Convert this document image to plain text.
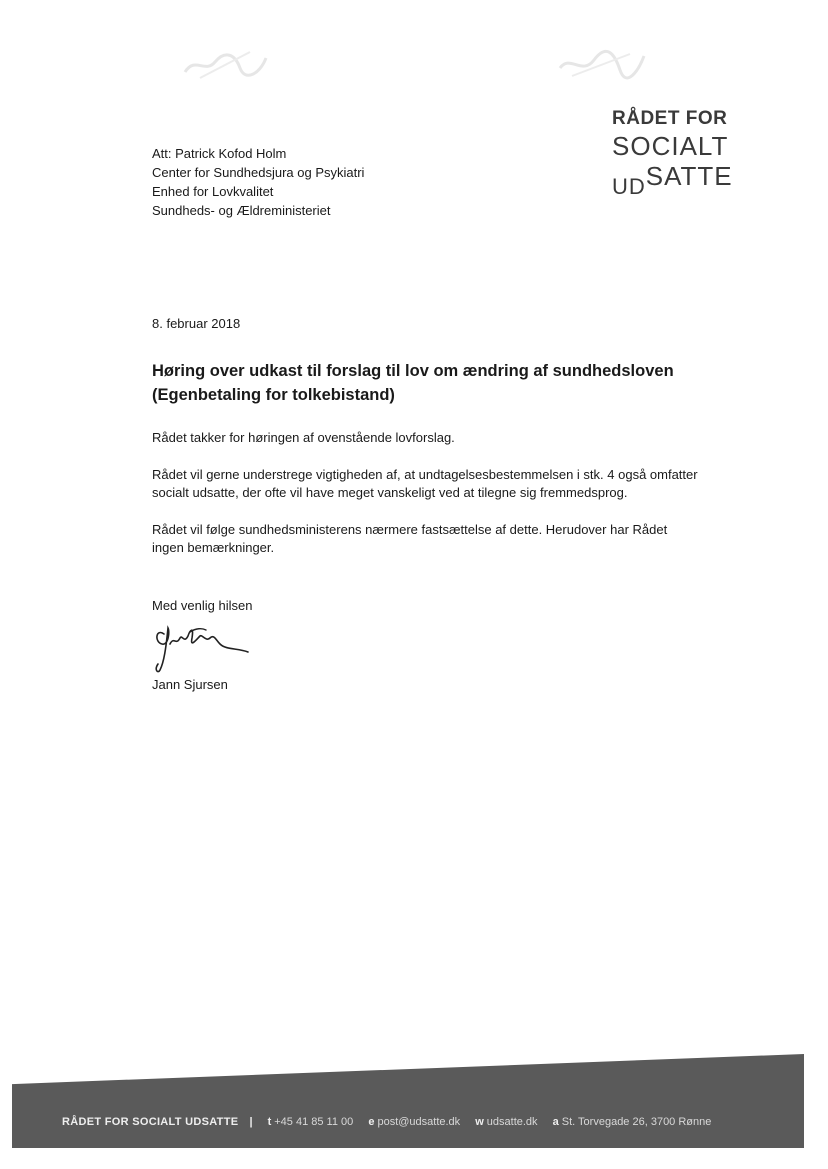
RÅDET FOR
SOCIALT
UDSATTE
Att: Patrick Kofod Holm
Center for Sundhedsjura og Psykiatri
Enhed for Lovkvalitet
Sundheds- og Ældreministeriet
8. februar 2018
Høring over udkast til forslag til lov om ændring af sundhedsloven
(Egenbetaling for tolkebistand)

Rådet takker for høringen af ovenstående lovforslag.

Rådet vil gerne understrege vigtigheden af, at undtagelsesbestemmelsen i stk. 4 også omfatter
socialt udsatte, der ofte vil have meget vanskeligt ved at tilegne sig fremmedsprog.

Rådet vil følge sundhedsministerens nærmere fastsættelse af dette. Herudover har Rådet
ingen bemærkninger.

Med venlig hilsen
Jann Sjursen
RÅDET FOR SOCIALT UDSATTE | t +45 41 85 11 00 e post@udsatte.dk w udsatte.dk a St. Torvegade 26, 3700 Rønne
